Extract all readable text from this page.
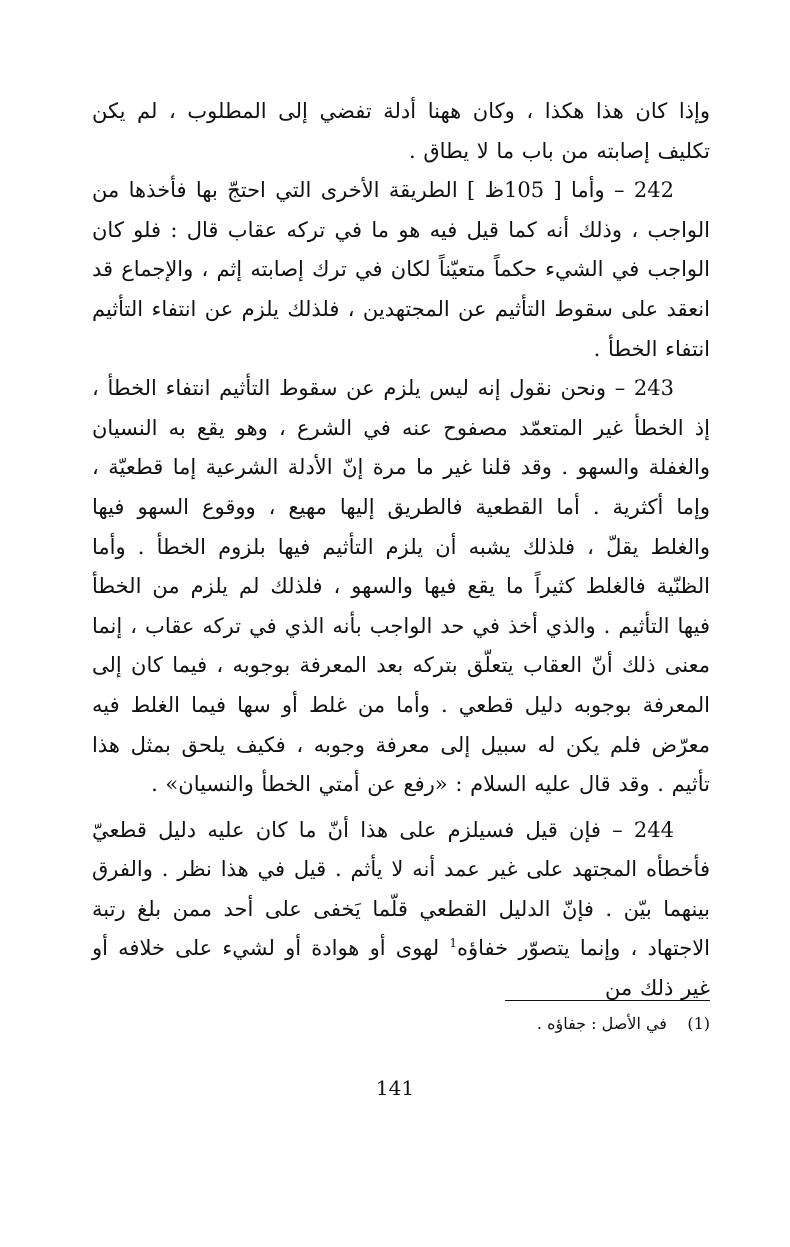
وإذا كان هذا هكذا ، وكان ههنا أدلة تفضي إلى المطلوب ، لم يكن تكليف إصابته من باب ما لا يطاق .

242 – وأما [ 105ظ ] الطريقة الأخرى التي احتجّ بها فأخذها من الواجب ، وذلك أنه كما قيل فيه هو ما في تركه عقاب قال : فلو كان الواجب في الشيء حكماً متعيّناً لكان في ترك إصابته إثم ، والإجماع قد انعقد على سقوط التأثيم عن المجتهدين ، فلذلك يلزم عن انتفاء التأثيم انتفاء الخطأ .

243 – ونحن نقول إنه ليس يلزم عن سقوط التأثيم انتفاء الخطأ ، إذ الخطأ غير المتعمّد مصفوح عنه في الشرع ، وهو يقع به النسيان والغفلة والسهو . وقد قلنا غير ما مرة إنّ الأدلة الشرعية إما قطعيّة ، وإما أكثرية . أما القطعية فالطريق إليها مهيع ، ووقوع السهو فيها والغلط يقلّ ، فلذلك يشبه أن يلزم التأثيم فيها بلزوم الخطأ . وأما الظنّية فالغلط كثيراً ما يقع فيها والسهو ، فلذلك لم يلزم من الخطأ فيها التأثيم . والذي أخذ في حد الواجب بأنه الذي في تركه عقاب ، إنما معنى ذلك أنّ العقاب يتعلّق بتركه بعد المعرفة بوجوبه ، فيما كان إلى المعرفة بوجوبه دليل قطعي . وأما من غلط أو سها فيما الغلط فيه معرّض فلم يكن له سبيل إلى معرفة وجوبه ، فكيف يلحق بمثل هذا تأثيم . وقد قال عليه السلام : «رفع عن أمتي الخطأ والنسيان» .

244 – فإن قيل فسيلزم على هذا أنّ ما كان عليه دليل قطعيّ فأخطأه المجتهد على غير عمد أنه لا يأثم . قيل في هذا نظر . والفرق بينهما بيّن . فإنّ الدليل القطعي قلّما يَخفى على أحد ممن بلغ رتبة الاجتهاد ، وإنما يتصوّر خفاؤه$^1$ لهوى أو هوادة أو لشيء على خلافه أو غير ذلك من

(1)    في الأصل : جفاؤه .
141
